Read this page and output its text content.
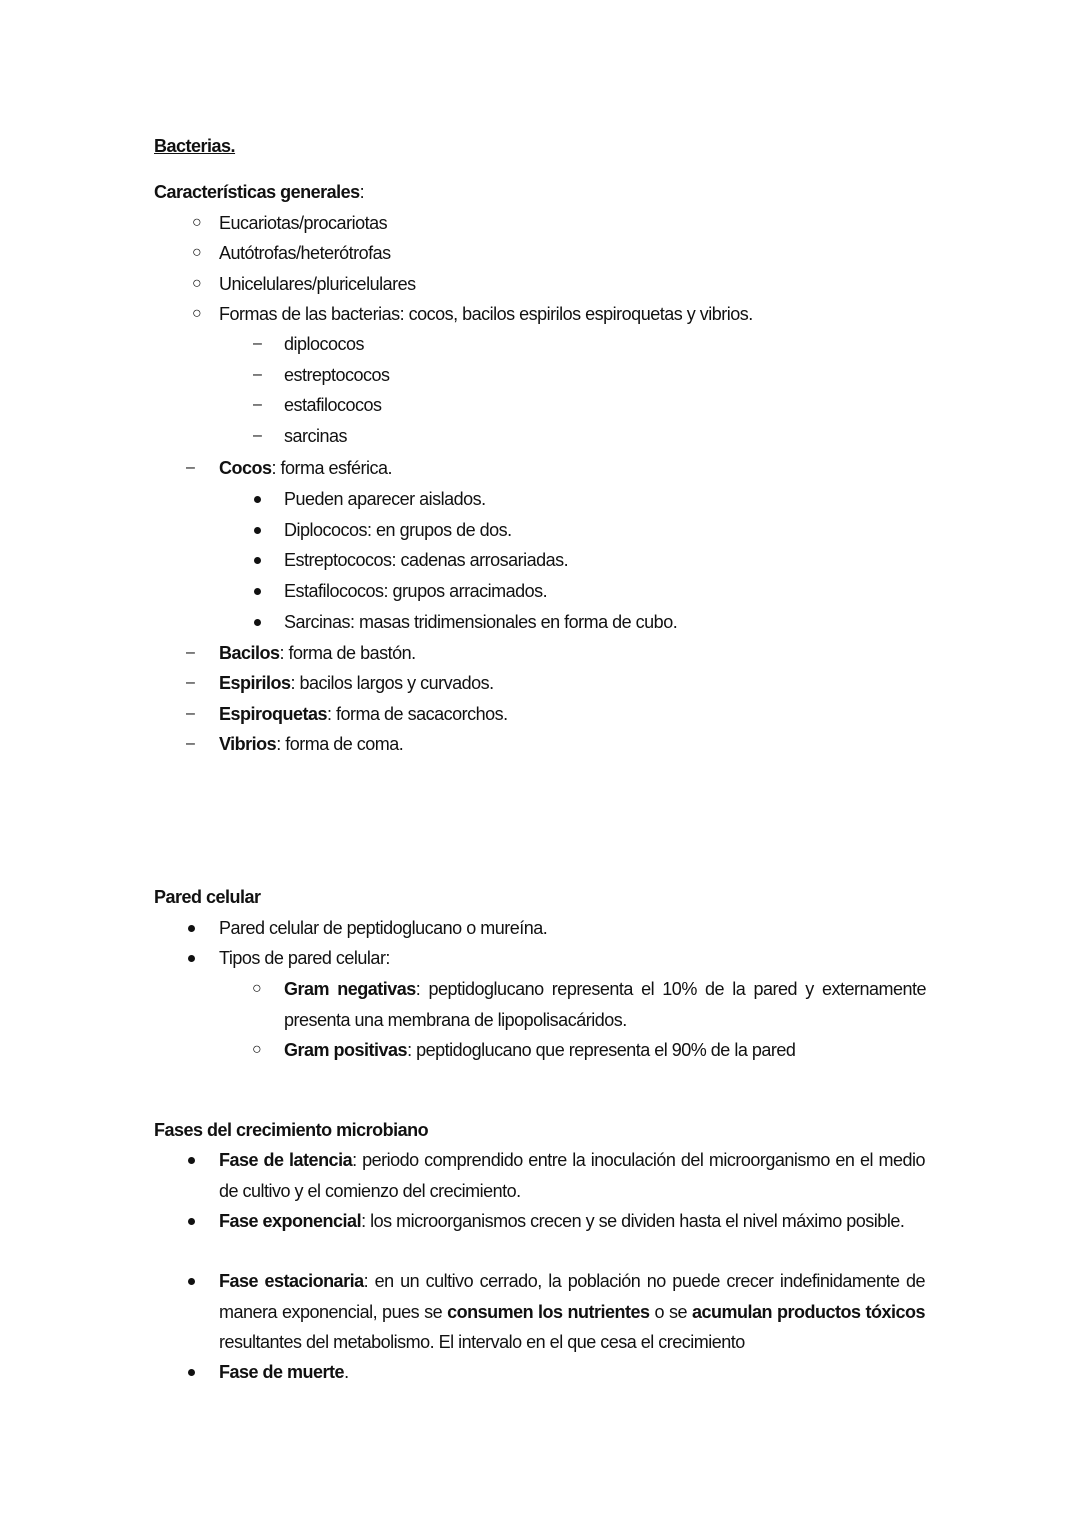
Bacterias.
Características generales:
○ Eucariotas/procariotas
○ Autótrofas/heterótrofas
○ Unicelulares/pluricelulares
○ Formas de las bacterias: cocos, bacilos espirilos espiroquetas y vibrios.
– diplococos
– estreptococos
– estafilococos
– sarcinas
– Cocos: forma esférica.
Pueden aparecer aislados.
Diplococos: en grupos de dos.
Estreptococos: cadenas arrosariadas.
Estafilococos: grupos arracimados.
Sarcinas: masas tridimensionales en forma de cubo.
– Bacilos: forma de bastón.
– Espirilos: bacilos largos y curvados.
– Espiroquetas: forma de sacacorchos.
– Vibrios: forma de coma.
Pared celular
Pared celular de peptidoglucano o mureína.
Tipos de pared celular:
○ Gram negativas: peptidoglucano representa el 10% de la pared y externamente presenta una membrana de lipopolisacáridos.
○ Gram positivas: peptidoglucano que representa el 90% de la pared
Fases del crecimiento microbiano
Fase de latencia: periodo comprendido entre la inoculación del microorganismo en el medio de cultivo y el comienzo del crecimiento.
Fase exponencial: los microorganismos crecen y se dividen hasta el nivel máximo posible.
Fase estacionaria: en un cultivo cerrado, la población no puede crecer indefinidamente de manera exponencial, pues se consumen los nutrientes o se acumulan productos tóxicos resultantes del metabolismo. El intervalo en el que cesa el crecimiento
Fase de muerte.
